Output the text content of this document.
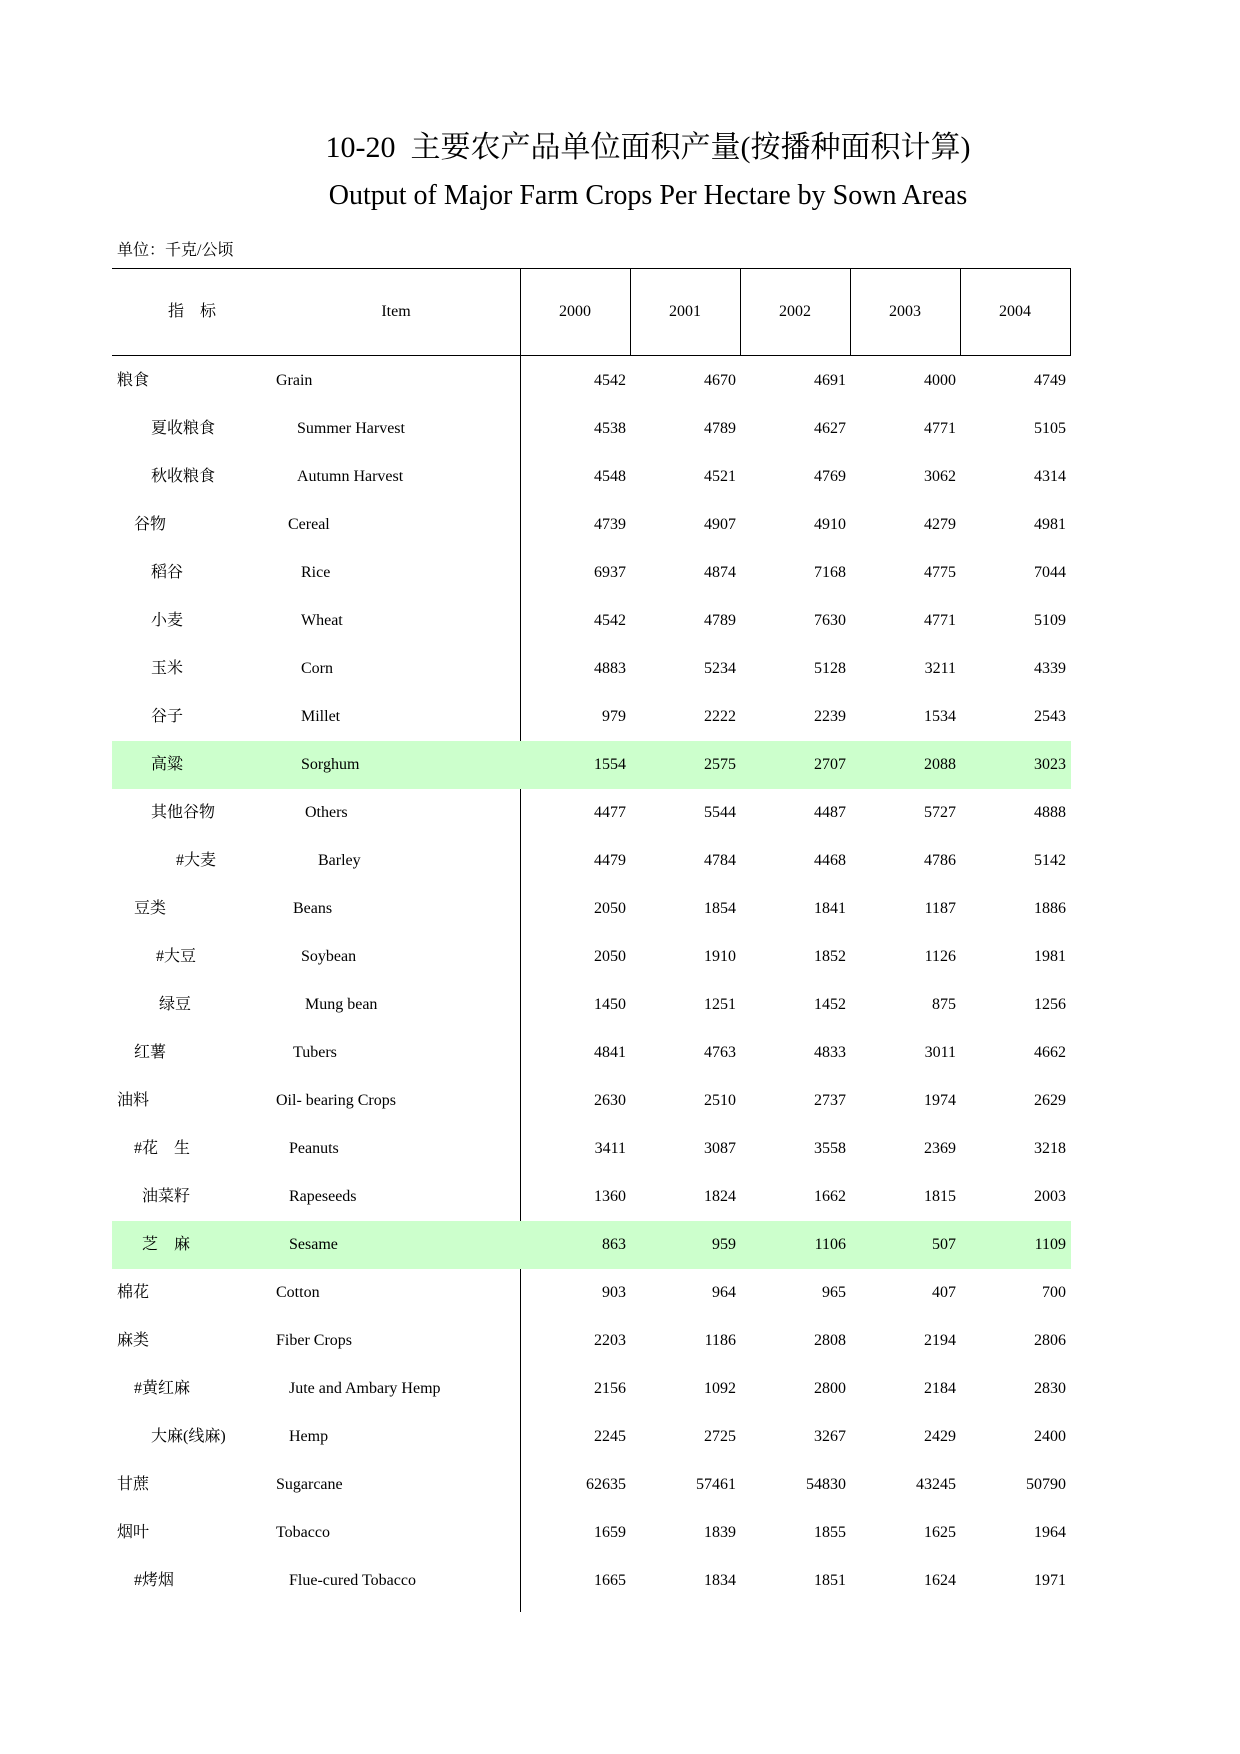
10-20  主要农产品单位面积产量(按播种面积计算)
Output of Major Farm Crops Per Hectare by Sown Areas
单位：千克/公顷
指    标	Item	2000	2001	2002	2003	2004
粮食	Grain	4542	4670	4691	4000	4749
夏收粮食	Summer Harvest	4538	4789	4627	4771	5105
秋收粮食	Autumn Harvest	4548	4521	4769	3062	4314
谷物	Cereal	4739	4907	4910	4279	4981
稻谷	Rice	6937	4874	7168	4775	7044
小麦	Wheat	4542	4789	7630	4771	5109
玉米	Corn	4883	5234	5128	3211	4339
谷子	Millet	979	2222	2239	1534	2543
高粱	Sorghum	1554	2575	2707	2088	3023
其他谷物	Others	4477	5544	4487	5727	4888
#大麦	Barley	4479	4784	4468	4786	5142
豆类	Beans	2050	1854	1841	1187	1886
#大豆	Soybean	2050	1910	1852	1126	1981
绿豆	Mung bean	1450	1251	1452	875	1256
红薯	Tubers	4841	4763	4833	3011	4662
油料	Oil- bearing Crops	2630	2510	2737	1974	2629
#花    生	Peanuts	3411	3087	3558	2369	3218
油菜籽	Rapeseeds	1360	1824	1662	1815	2003
芝    麻	Sesame	863	959	1106	507	1109
棉花	Cotton	903	964	965	407	700
麻类	Fiber Crops	2203	1186	2808	2194	2806
#黄红麻	Jute and Ambary Hemp	2156	1092	2800	2184	2830
大麻(线麻)	Hemp	2245	2725	3267	2429	2400
甘蔗	Sugarcane	62635	57461	54830	43245	50790
烟叶	Tobacco	1659	1839	1855	1625	1964
#烤烟	Flue-cured Tobacco	1665	1834	1851	1624	1971
